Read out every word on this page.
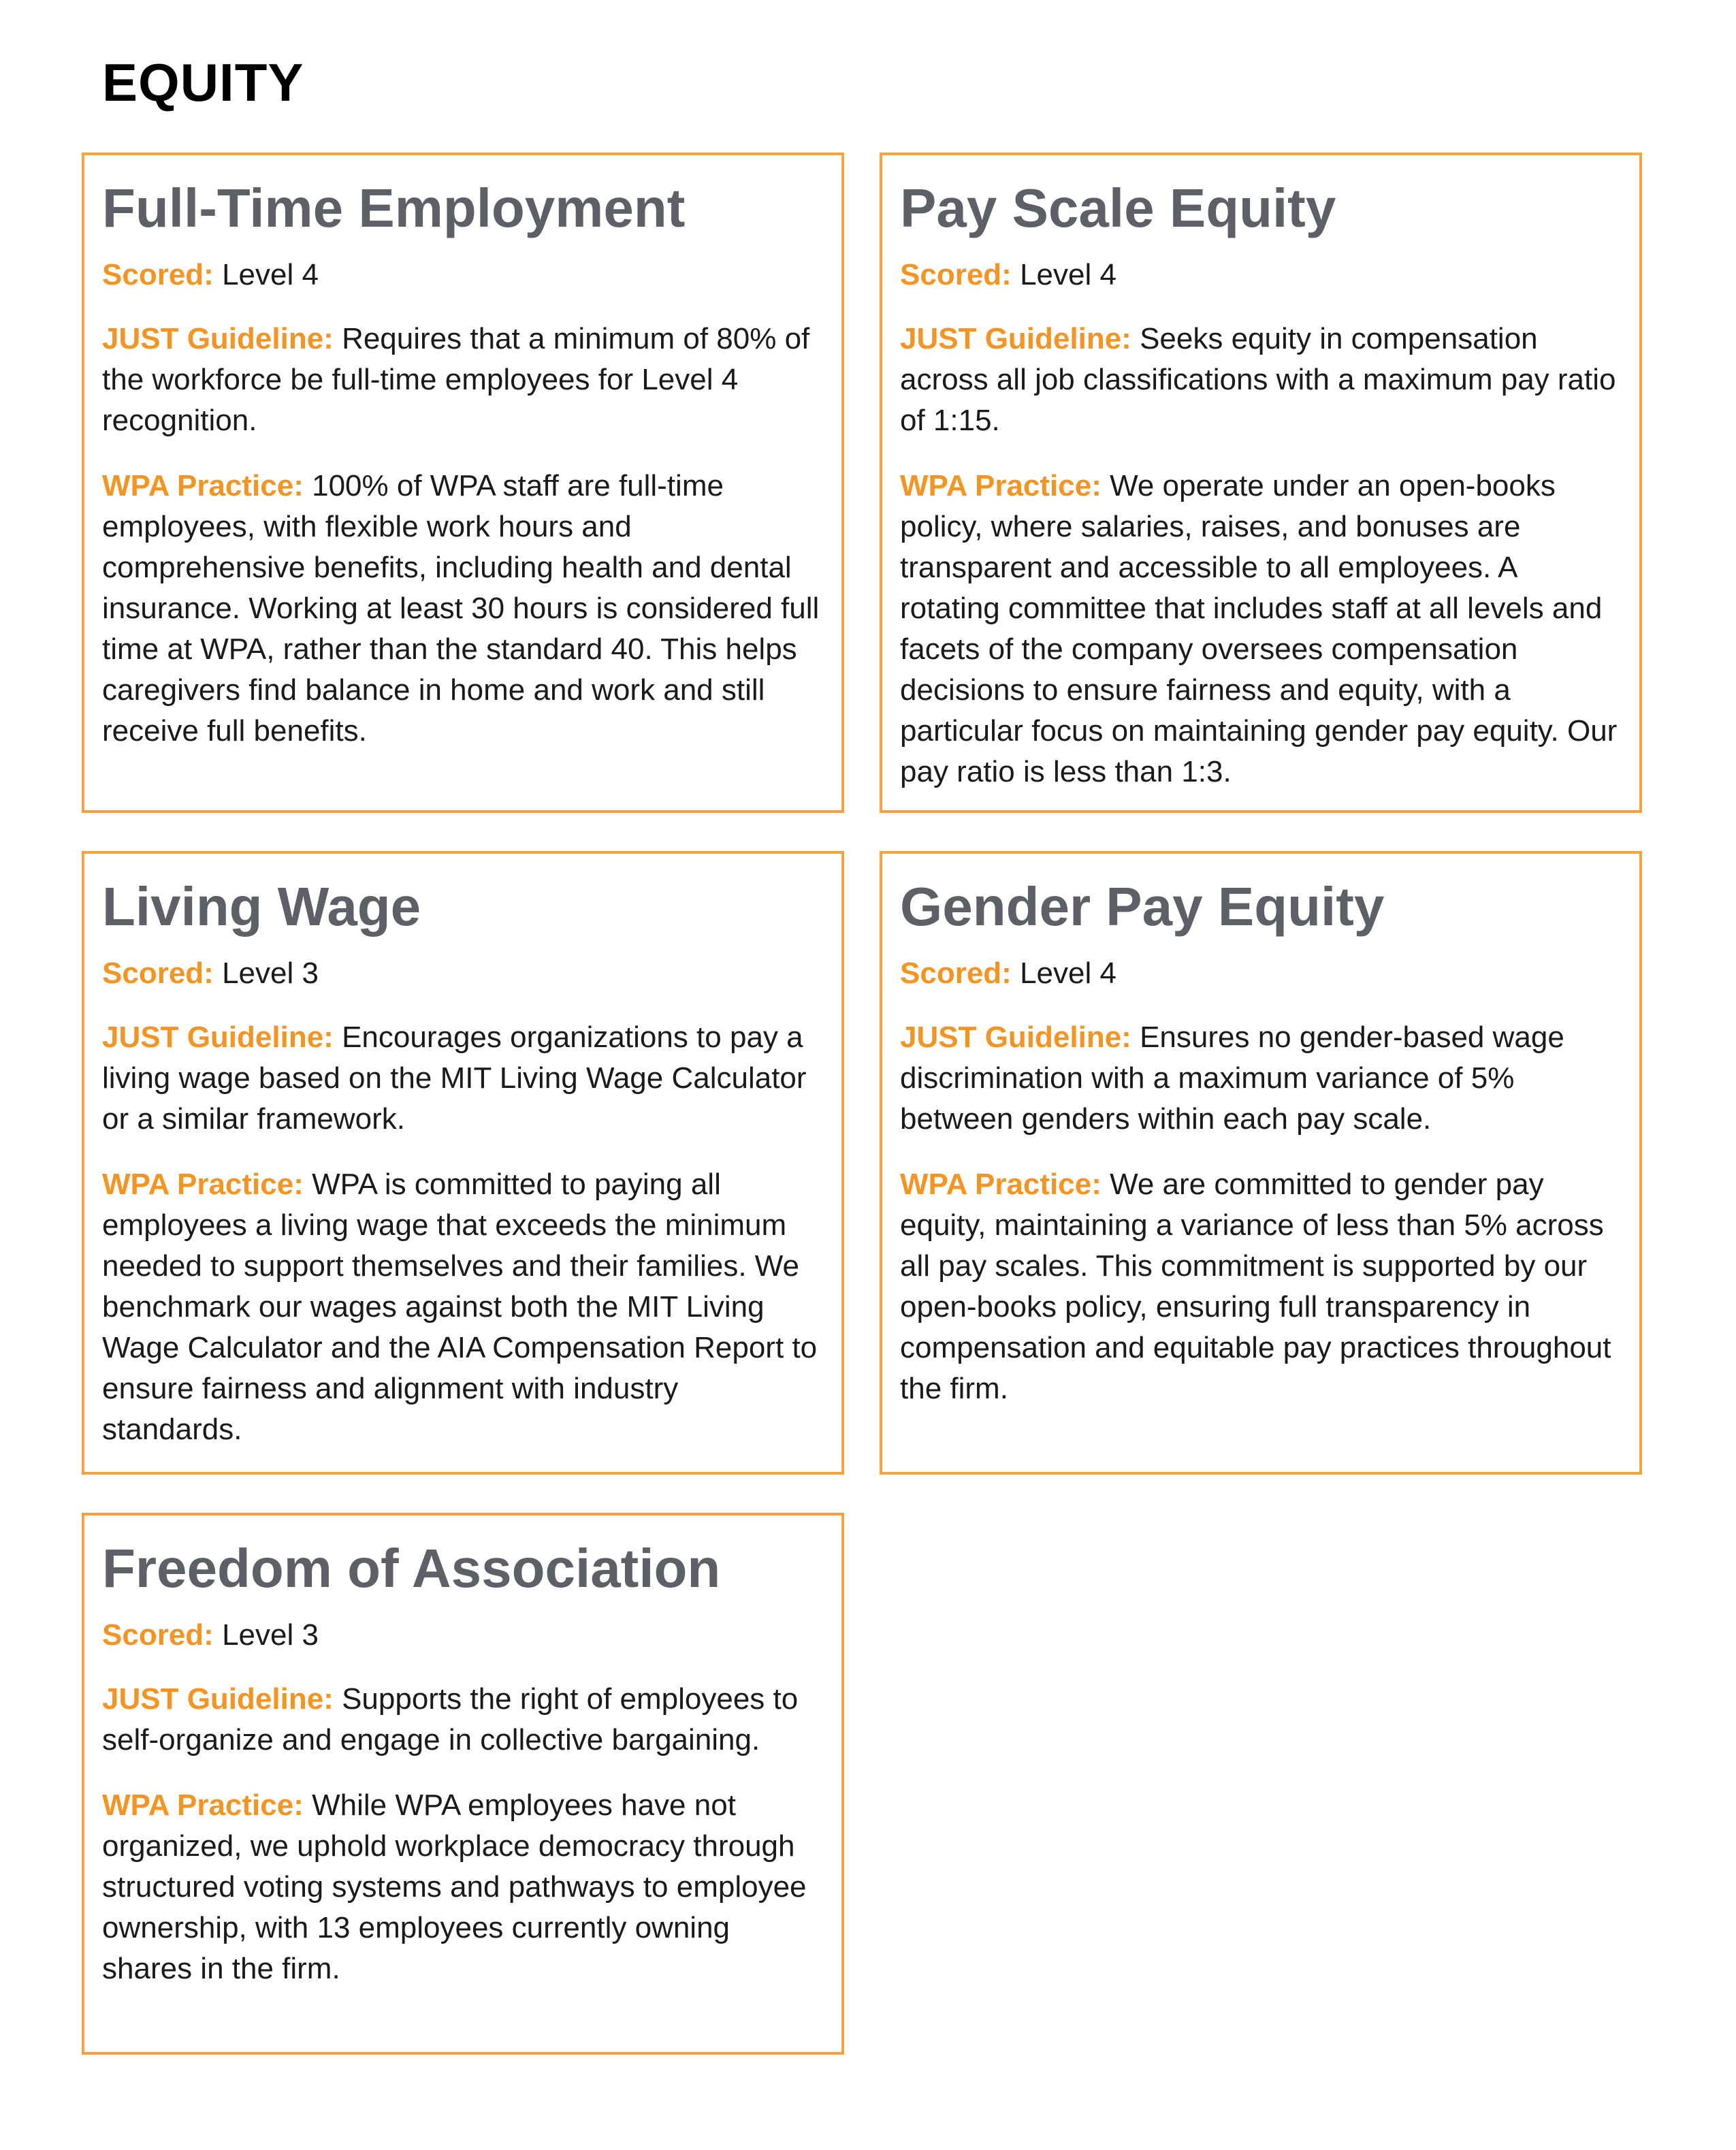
EQUITY
Full-Time Employment

Scored: Level 4

JUST Guideline: Requires that a minimum of 80% of the workforce be full-time employees for Level 4 recognition.

WPA Practice: 100% of WPA staff are full-time employees, with flexible work hours and comprehensive benefits, including health and dental insurance. Working at least 30 hours is considered full time at WPA, rather than the standard 40. This helps caregivers find balance in home and work and still receive full benefits.

Pay Scale Equity

Scored: Level 4

JUST Guideline: Seeks equity in compensation across all job classifications with a maximum pay ratio of 1:15.

WPA Practice: We operate under an open-books policy, where salaries, raises, and bonuses are transparent and accessible to all employees. A rotating committee that includes staff at all levels and facets of the company oversees compensation decisions to ensure fairness and equity, with a particular focus on maintaining gender pay equity. Our pay ratio is less than 1:3.

Living Wage

Scored: Level 3

JUST Guideline: Encourages organizations to pay a living wage based on the MIT Living Wage Calculator or a similar framework.

WPA Practice: WPA is committed to paying all employees a living wage that exceeds the minimum needed to support themselves and their families. We benchmark our wages against both the MIT Living Wage Calculator and the AIA Compensation Report to ensure fairness and alignment with industry standards.

Gender Pay Equity

Scored: Level 4

JUST Guideline: Ensures no gender-based wage discrimination with a maximum variance of 5% between genders within each pay scale.

WPA Practice: We are committed to gender pay equity, maintaining a variance of less than 5% across all pay scales. This commitment is supported by our open-books policy, ensuring full transparency in compensation and equitable pay practices throughout the firm.

Freedom of Association

Scored: Level 3

JUST Guideline: Supports the right of employees to self-organize and engage in collective bargaining.

WPA Practice: While WPA employees have not organized, we uphold workplace democracy through structured voting systems and pathways to employee ownership, with 13 employees currently owning shares in the firm.
